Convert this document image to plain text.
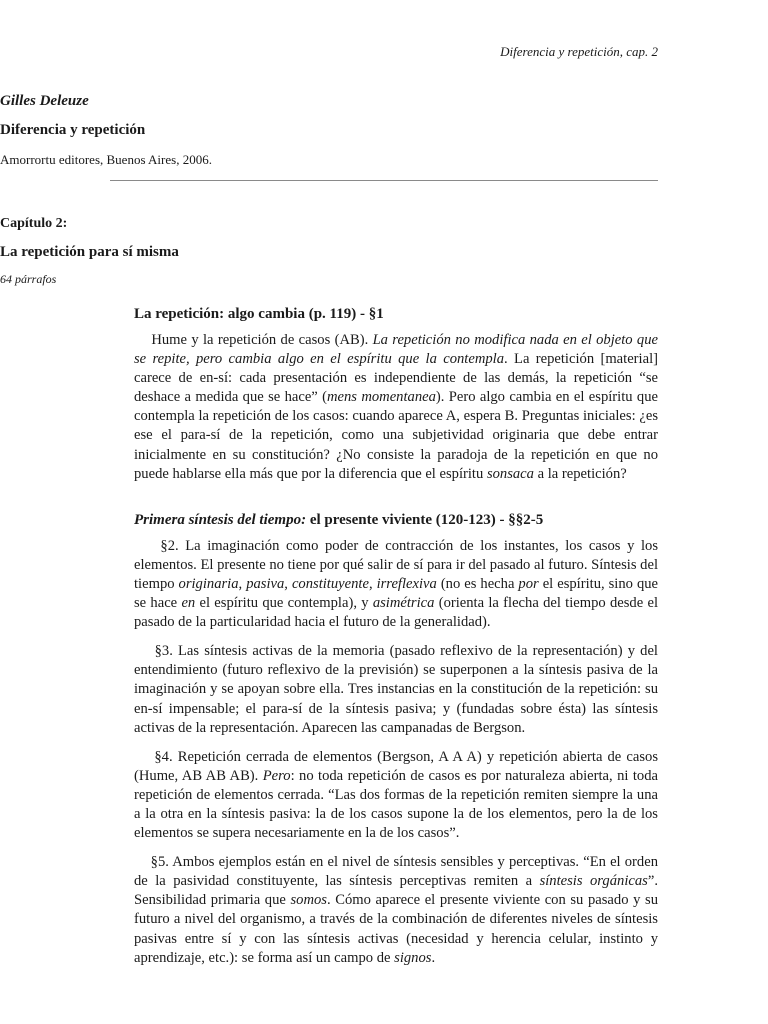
Diferencia y repetición, cap. 2

Gilles Deleuze

Diferencia y repetición

Amorrortu editores, Buenos Aires, 2006.

Capítulo 2:

La repetición para sí misma

64 párrafos

La repetición: algo cambia (p. 119) - §1

Hume y la repetición de casos (AB). La repetición no modifica nada en el objeto que se repite, pero cambia algo en el espíritu que la contempla. La repetición [material] carece de en-sí: cada presentación es independiente de las demás, la repetición “se deshace a medida que se hace” (mens momentanea). Pero algo cambia en el espíritu que contempla la repetición de los casos: cuando aparece A, espera B. Preguntas iniciales: ¿es ese el para-sí de la repetición, como una subjetividad originaria que debe entrar inicialmente en su constitución? ¿No consiste la paradoja de la repetición en que no puede hablarse ella más que por la diferencia que el espíritu sonsaca a la repetición?

Primera síntesis del tiempo: el presente viviente (120-123) - §§2-5

§2. La imaginación como poder de contracción de los instantes, los casos y los elementos. El presente no tiene por qué salir de sí para ir del pasado al futuro. Síntesis del tiempo originaria, pasiva, constituyente, irreflexiva (no es hecha por el espíritu, sino que se hace en el espíritu que contempla), y asimétrica (orienta la flecha del tiempo desde el pasado de la particularidad hacia el futuro de la generalidad).

§3. Las síntesis activas de la memoria (pasado reflexivo de la representación) y del entendimiento (futuro reflexivo de la previsión) se superponen a la síntesis pasiva de la imaginación y se apoyan sobre ella. Tres instancias en la constitución de la repetición: su en-sí impensable; el para-sí de la síntesis pasiva; y (fundadas sobre ésta) las síntesis activas de la representación. Aparecen las campanadas de Bergson.

§4. Repetición cerrada de elementos (Bergson, A A A) y repetición abierta de casos (Hume, AB AB AB). Pero: no toda repetición de casos es por naturaleza abierta, ni toda repetición de elementos cerrada. “Las dos formas de la repetición remiten siempre la una a la otra en la síntesis pasiva: la de los casos supone la de los elementos, pero la de los elementos se supera necesariamente en la de los casos”.

§5. Ambos ejemplos están en el nivel de síntesis sensibles y perceptivas. “En el orden de la pasividad constituyente, las síntesis perceptivas remiten a síntesis orgánicas”. Sensibilidad primaria que somos. Cómo aparece el presente viviente con su pasado y su futuro a nivel del organismo, a través de la combinación de diferentes niveles de síntesis pasivas entre sí y con las síntesis activas (necesidad y herencia celular, instinto y aprendizaje, etc.): se forma así un campo de signos.
